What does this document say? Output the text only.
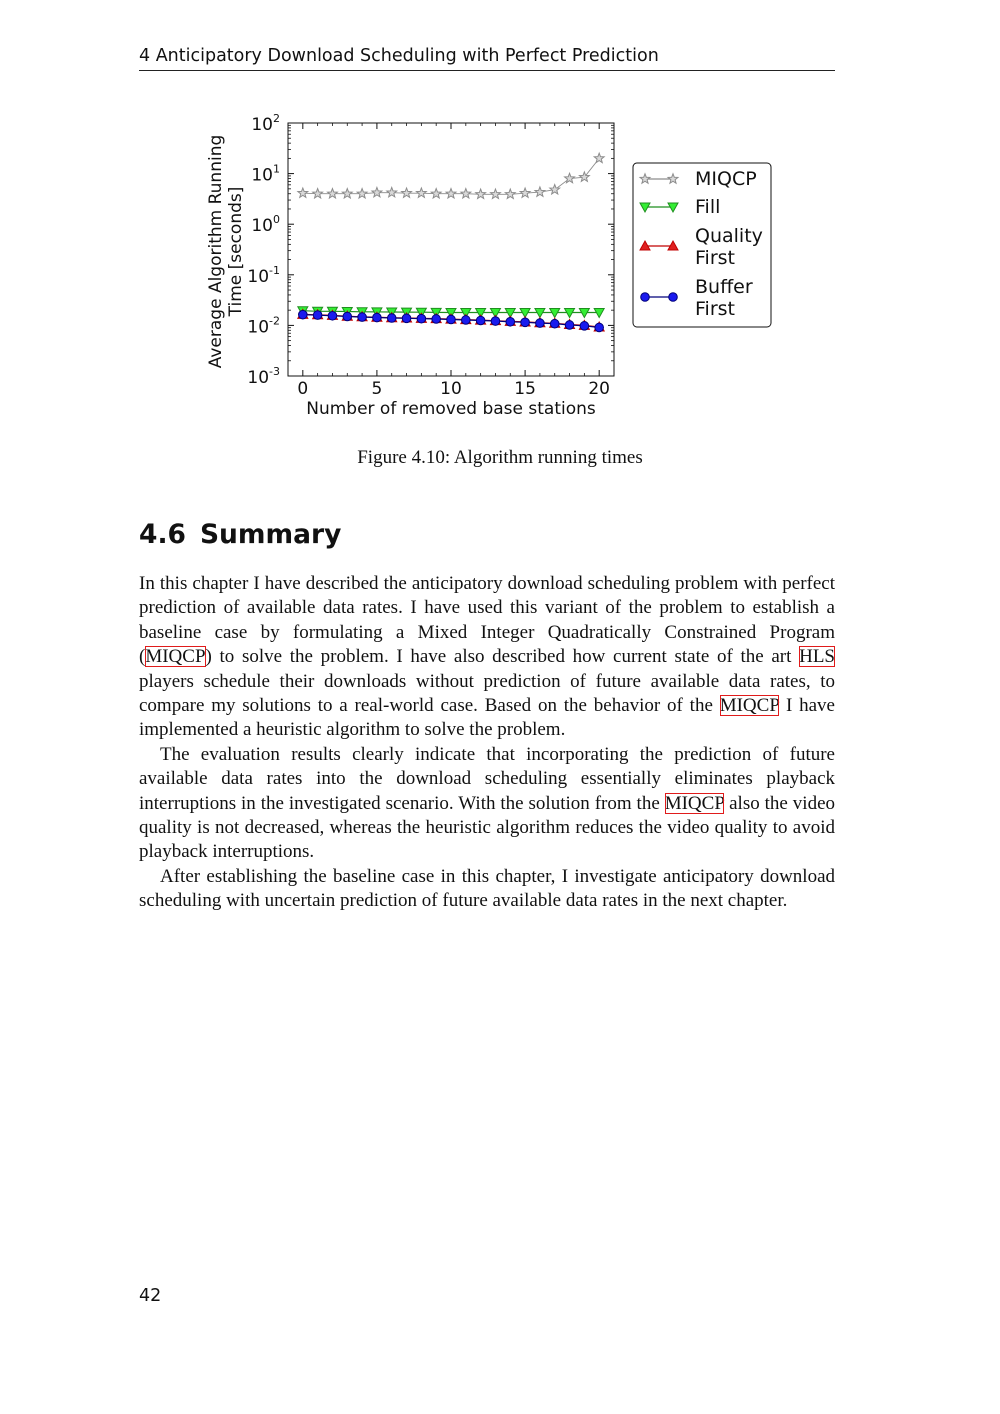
4 Anticipatory Download Scheduling with Perfect Prediction
$10^{-3}$
$10^{-2}$
$10^{-1}$
$10^0$
$10^1$
$10^2$
0	5	10	15	20
Number of removed base stations
Average Algorithm Running Time [seconds]
MIQCP
Fill
Quality
First
Buffer
First
Figure 4.10: Algorithm running times
4.6 Summary

In this chapter I have described the anticipatory download scheduling problem with perfect prediction of available data rates. I have used this variant of the problem to establish a baseline case by formulating a Mixed Integer Quadratically Constrained Program (MIQCP) to solve the problem. I have also described how current state of the art HLS players schedule their downloads without prediction of future available data rates, to compare my solutions to a real-world case. Based on the behavior of the MIQCP I have implemented a heuristic algorithm to solve the problem.

The evaluation results clearly indicate that incorporating the prediction of future available data rates into the download scheduling essentially eliminates playback interruptions in the investigated scenario. With the solution from the MIQCP also the video quality is not decreased, whereas the heuristic algorithm reduces the video quality to avoid playback interruptions.

After establishing the baseline case in this chapter, I investigate anticipatory download scheduling with uncertain prediction of future available data rates in the next chapter.

42
